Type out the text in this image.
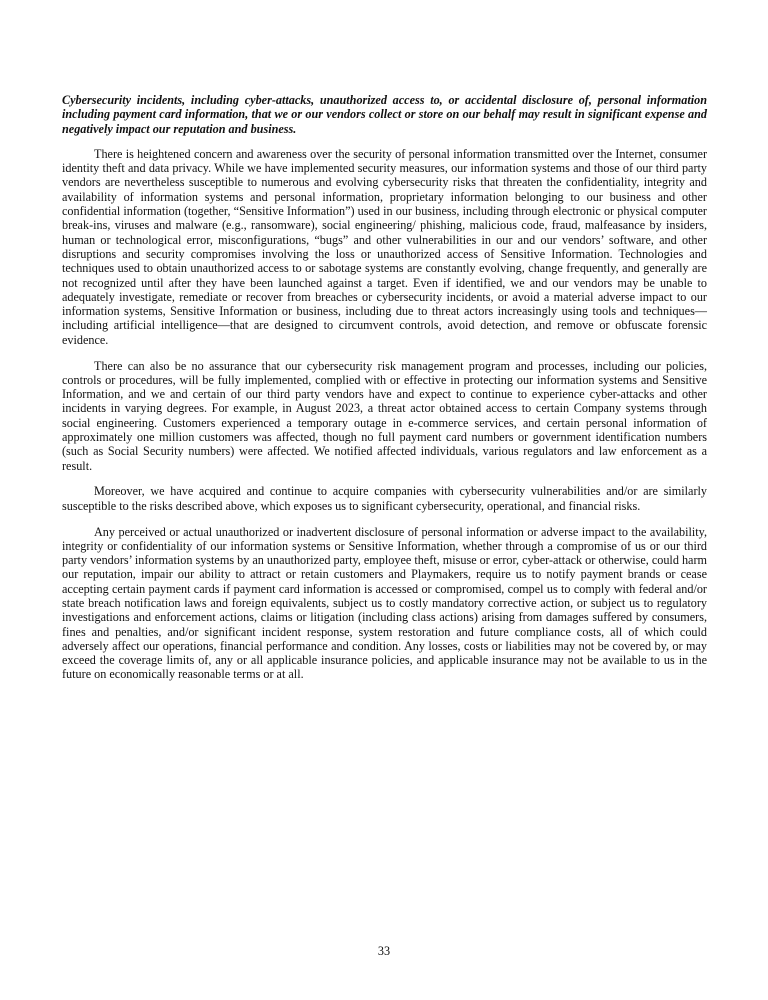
Cybersecurity incidents, including cyber-attacks, unauthorized access to, or accidental disclosure of, personal information including payment card information, that we or our vendors collect or store on our behalf may result in significant expense and negatively impact our reputation and business.

There is heightened concern and awareness over the security of personal information transmitted over the Internet, consumer identity theft and data privacy. While we have implemented security measures, our information systems and those of our third party vendors are nevertheless susceptible to numerous and evolving cybersecurity risks that threaten the confidentiality, integrity and availability of information systems and personal information, proprietary information belonging to our business and other confidential information (together, “Sensitive Information”) used in our business, including through electronic or physical computer break-ins, viruses and malware (e.g., ransomware), social engineering/ phishing, malicious code, fraud, malfeasance by insiders, human or technological error, misconfigurations, “bugs” and other vulnerabilities in our and our vendors’ software, and other disruptions and security compromises involving the loss or unauthorized access of Sensitive Information. Technologies and techniques used to obtain unauthorized access to or sabotage systems are constantly evolving, change frequently, and generally are not recognized until after they have been launched against a target. Even if identified, we and our vendors may be unable to adequately investigate, remediate or recover from breaches or cybersecurity incidents, or avoid a material adverse impact to our information systems, Sensitive Information or business, including due to threat actors increasingly using tools and techniques—including artificial intelligence—that are designed to circumvent controls, avoid detection, and remove or obfuscate forensic evidence.

There can also be no assurance that our cybersecurity risk management program and processes, including our policies, controls or procedures, will be fully implemented, complied with or effective in protecting our information systems and Sensitive Information, and we and certain of our third party vendors have and expect to continue to experience cyber-attacks and other incidents in varying degrees. For example, in August 2023, a threat actor obtained access to certain Company systems through social engineering. Customers experienced a temporary outage in e-commerce services, and certain personal information of approximately one million customers was affected, though no full payment card numbers or government identification numbers (such as Social Security numbers) were affected. We notified affected individuals, various regulators and law enforcement as a result.

Moreover, we have acquired and continue to acquire companies with cybersecurity vulnerabilities and/or are similarly susceptible to the risks described above, which exposes us to significant cybersecurity, operational, and financial risks.

Any perceived or actual unauthorized or inadvertent disclosure of personal information or adverse impact to the availability, integrity or confidentiality of our information systems or Sensitive Information, whether through a compromise of us or our third party vendors’ information systems by an unauthorized party, employee theft, misuse or error, cyber-attack or otherwise, could harm our reputation, impair our ability to attract or retain customers and Playmakers, require us to notify payment brands or cease accepting certain payment cards if payment card information is accessed or compromised, compel us to comply with federal and/or state breach notification laws and foreign equivalents, subject us to costly mandatory corrective action, or subject us to regulatory investigations and enforcement actions, claims or litigation (including class actions) arising from damages suffered by consumers, fines and penalties, and/or significant incident response, system restoration and future compliance costs, all of which could adversely affect our operations, financial performance and condition. Any losses, costs or liabilities may not be covered by, or may exceed the coverage limits of, any or all applicable insurance policies, and applicable insurance may not be available to us in the future on economically reasonable terms or at all.

33
